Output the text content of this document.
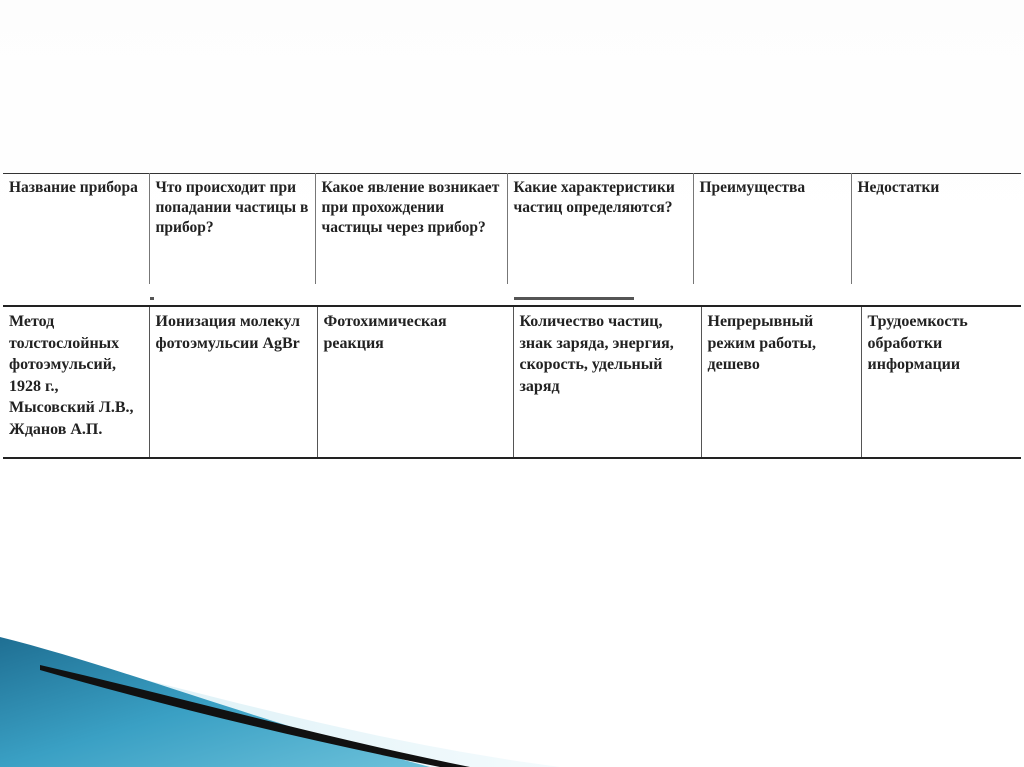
Название прибора	Что происходит при попадании частицы в прибор?	Какое явление возникает при прохождении частицы через прибор?	Какие характеристики частиц определяются?	Преимущества	Недостатки
Метод толстослойных фотоэмульсий, 1928 г., Мысовский Л.В., Жданов А.П.	Ионизация молекул фотоэмульсии AgBr	Фотохимическая реакция	Количество частиц, знак заряда, энергия, скорость, удельный заряд	Непрерывный режим работы, дешево	Трудоемкость обработки информации
